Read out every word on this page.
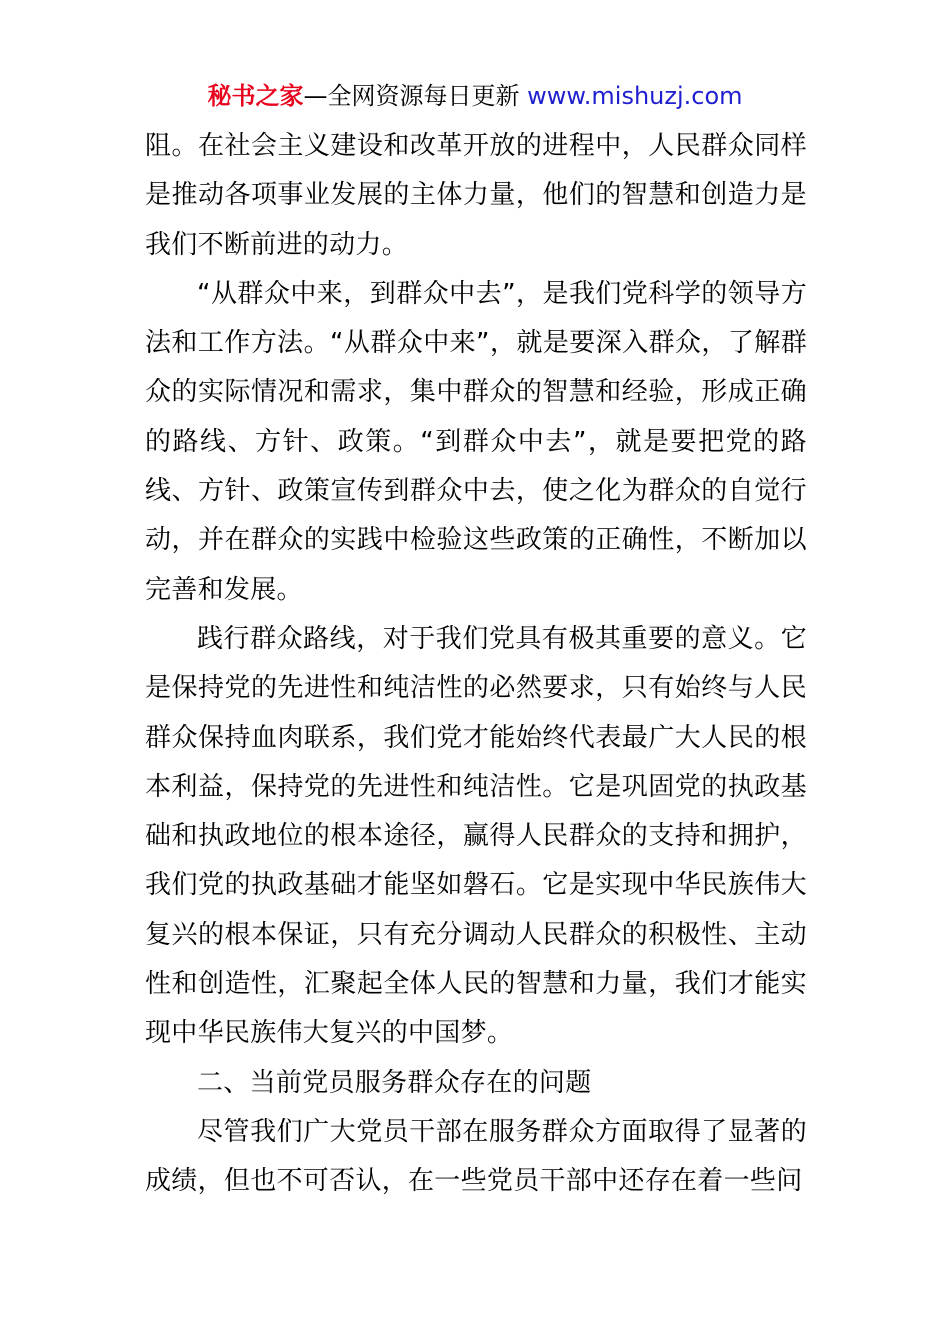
秘书之家—全网资源每日更新 www.mishuzj.com

阻。在社会主义建设和改革开放的进程中，人民群众同样是推动各项事业发展的主体力量，他们的智慧和创造力是我们不断前进的动力。

“从群众中来，到群众中去”，是我们党科学的领导方法和工作方法。“从群众中来”，就是要深入群众，了解群众的实际情况和需求，集中群众的智慧和经验，形成正确的路线、方针、政策。“到群众中去”，就是要把党的路线、方针、政策宣传到群众中去，使之化为群众的自觉行动，并在群众的实践中检验这些政策的正确性，不断加以完善和发展。

践行群众路线，对于我们党具有极其重要的意义。它是保持党的先进性和纯洁性的必然要求，只有始终与人民群众保持血肉联系，我们党才能始终代表最广大人民的根本利益，保持党的先进性和纯洁性。它是巩固党的执政基础和执政地位的根本途径，赢得人民群众的支持和拥护，我们党的执政基础才能坚如磐石。它是实现中华民族伟大复兴的根本保证，只有充分调动人民群众的积极性、主动性和创造性，汇聚起全体人民的智慧和力量，我们才能实现中华民族伟大复兴的中国梦。

二、当前党员服务群众存在的问题

尽管我们广大党员干部在服务群众方面取得了显著的成绩，但也不可否认，在一些党员干部中还存在着一些问
